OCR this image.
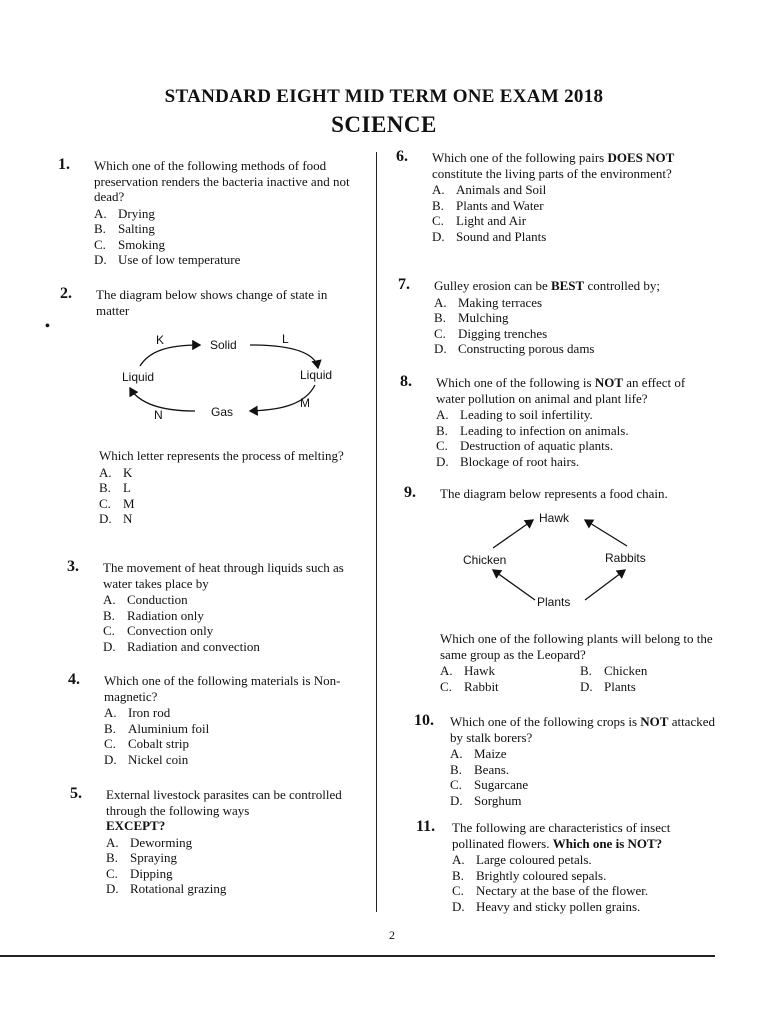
STANDARD EIGHT MID TERM ONE EXAM 2018
SCIENCE
•
1. Which one of the following methods of food preservation renders the bacteria inactive and not dead?
A. Drying
B. Salting
C. Smoking
D. Use of low temperature
2. The diagram below shows change of state in matter
K	Solid	L
Liquid	Liquid
M
Gas
N
Which letter represents the process of melting?
A. K
B. L
C. M
D. N
3. The movement of heat through liquids such as water takes place by
A. Conduction
B. Radiation only
C. Convection only
D. Radiation and convection
4. Which one of the following materials is Non-magnetic?
A. Iron rod
B. Aluminium foil
C. Cobalt strip
D. Nickel coin
5. External livestock parasites can be controlled through the following ways
EXCEPT?
A. Deworming
B. Spraying
C. Dipping
D. Rotational grazing
6. Which one of the following pairs DOES NOT constitute the living parts of the environment?
A. Animals and Soil
B. Plants and Water
C. Light and Air
D. Sound and Plants
7. Gulley erosion can be BEST controlled by;
A. Making terraces
B. Mulching
C. Digging trenches
D. Constructing porous dams
8. Which one of the following is NOT an effect of water pollution on animal and plant life?
A. Leading to soil infertility.
B. Leading to infection on animals.
C. Destruction of aquatic plants.
D. Blockage of root hairs.
9. The diagram below represents a food chain.
Hawk
Chicken	Rabbits
Plants
Which one of the following plants will belong to the same group as the Leopard?
A. Hawk	B. Chicken
C. Rabbit	D. Plants
10. Which one of the following crops is NOT attacked by stalk borers?
A. Maize
B. Beans.
C. Sugarcane
D. Sorghum
11. The following are characteristics of insect pollinated flowers. Which one is NOT?
A. Large coloured petals.
B. Brightly coloured sepals.
C. Nectary at the base of the flower.
D. Heavy and sticky pollen grains.
2
